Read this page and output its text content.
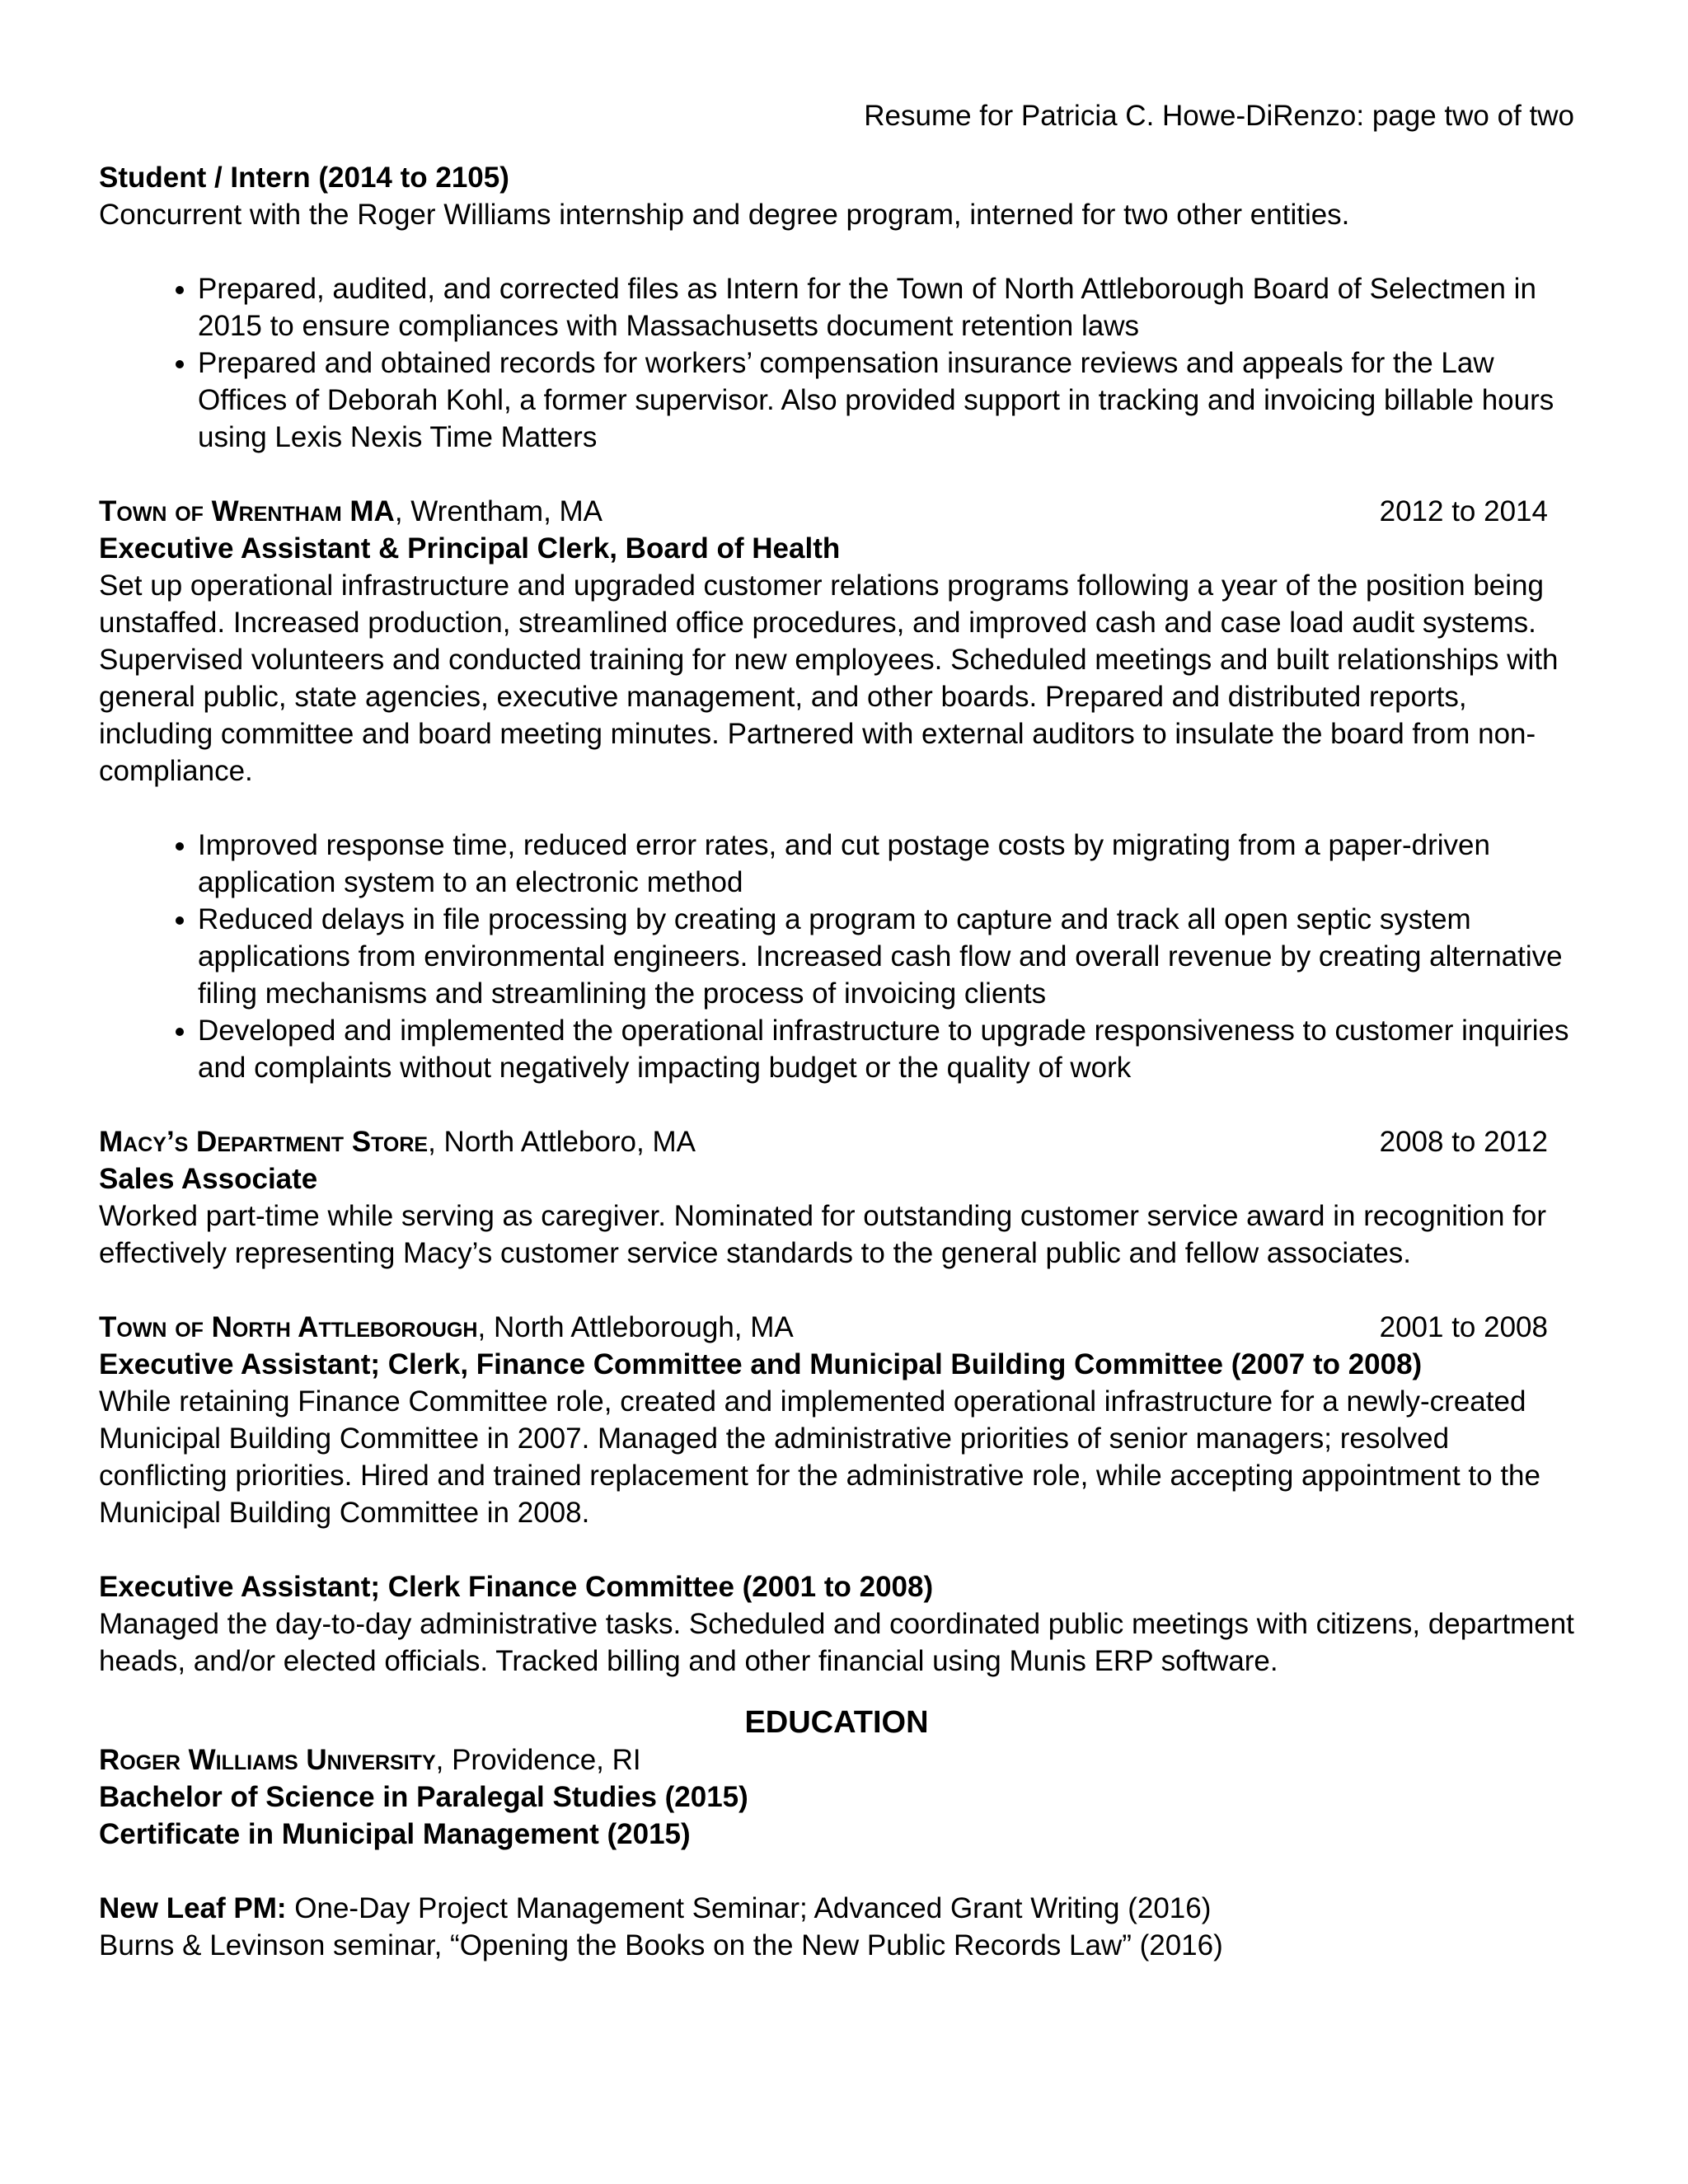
Resume for Patricia C. Howe-DiRenzo: page two of two

Student / Intern (2014 to 2105)

Concurrent with the Roger Williams internship and degree program, interned for two other entities.

• Prepared, audited, and corrected files as Intern for the Town of North Attleborough Board of Selectmen in 2015 to ensure compliances with Massachusetts document retention laws
• Prepared and obtained records for workers’ compensation insurance reviews and appeals for the Law Offices of Deborah Kohl, a former supervisor. Also provided support in tracking and invoicing billable hours using Lexis Nexis Time Matters
Town of Wrentham MA, Wrentham, MA	2012 to 2014

Executive Assistant & Principal Clerk, Board of Health

Set up operational infrastructure and upgraded customer relations programs following a year of the position being unstaffed. Increased production, streamlined office procedures, and improved cash and case load audit systems. Supervised volunteers and conducted training for new employees. Scheduled meetings and built relationships with general public, state agencies, executive management, and other boards. Prepared and distributed reports, including committee and board meeting minutes. Partnered with external auditors to insulate the board from non-compliance.

• Improved response time, reduced error rates, and cut postage costs by migrating from a paper-driven application system to an electronic method
• Reduced delays in file processing by creating a program to capture and track all open septic system applications from environmental engineers. Increased cash flow and overall revenue by creating alternative filing mechanisms and streamlining the process of invoicing clients
• Developed and implemented the operational infrastructure to upgrade responsiveness to customer inquiries and complaints without negatively impacting budget or the quality of work
Macy’s Department Store, North Attleboro, MA	2008 to 2012

Sales Associate

Worked part-time while serving as caregiver. Nominated for outstanding customer service award in recognition for effectively representing Macy’s customer service standards to the general public and fellow associates.

Town of North Attleborough, North Attleborough, MA	2001 to 2008

Executive Assistant; Clerk, Finance Committee and Municipal Building Committee (2007 to 2008)

While retaining Finance Committee role, created and implemented operational infrastructure for a newly-created Municipal Building Committee in 2007. Managed the administrative priorities of senior managers; resolved conflicting priorities. Hired and trained replacement for the administrative role, while accepting appointment to the Municipal Building Committee in 2008.

Executive Assistant; Clerk Finance Committee (2001 to 2008)

Managed the day-to-day administrative tasks. Scheduled and coordinated public meetings with citizens, department heads, and/or elected officials. Tracked billing and other financial using Munis ERP software.

EDUCATION

Roger Williams University, Providence, RI

Bachelor of Science in Paralegal Studies (2015)

Certificate in Municipal Management (2015)

New Leaf PM: One-Day Project Management Seminar; Advanced Grant Writing (2016)

Burns & Levinson seminar, “Opening the Books on the New Public Records Law” (2016)
